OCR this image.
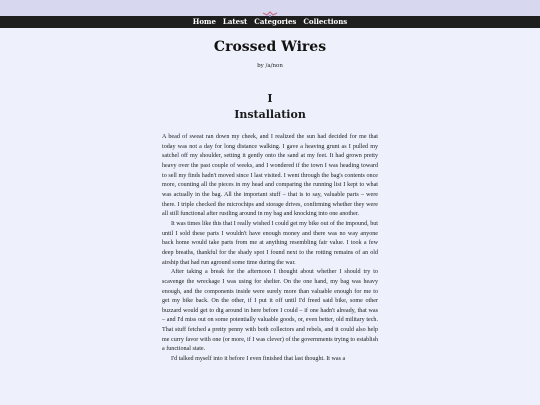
Home Latest Categories Collections
Crossed Wires
by /a/non
I
Installation

A bead of sweat ran down my cheek, and I realized the sun had decided for me that today was not a day for long distance walking. I gave a heaving grunt as I pulled my satchel off my shoulder, setting it gently onto the sand at my feet. It had grown pretty heavy over the past couple of weeks, and I wondered if the town I was heading toward to sell my finds hadn't moved since I last visited. I went through the bag's contents once more, counting all the pieces in my head and comparing the running list I kept to what was actually in the bag. All the important stuff – that is to say, valuable parts – were there. I triple checked the microchips and storage drives, confirming whether they were all still functional after rustling around in my bag and knocking into one another.

It was times like this that I really wished I could get my bike out of the impound, but until I sold these parts I wouldn't have enough money and there was no way anyone back home would take parts from me at anything resembling fair value. I took a few deep breaths, thankful for the shady spot I found next to the rotting remains of an old airship that had run aground some time during the war.

After taking a break for the afternoon I thought about whether I should try to scavenge the wreckage I was using for shelter. On the one hand, my bag was heavy enough, and the components inside were surely more than valuable enough for me to get my bike back. On the other, if I put it off until I'd freed said bike, some other buzzard would get to dig around in here before I could – if one hadn't already, that was – and I'd miss out on some potentially valuable goods, or, even better, old military tech. That stuff fetched a pretty penny with both collectors and rebels, and it could also help me curry favor with one (or more, if I was clever) of the governments trying to establish a functional state.

I'd talked myself into it before I even finished that last thought. It was a
